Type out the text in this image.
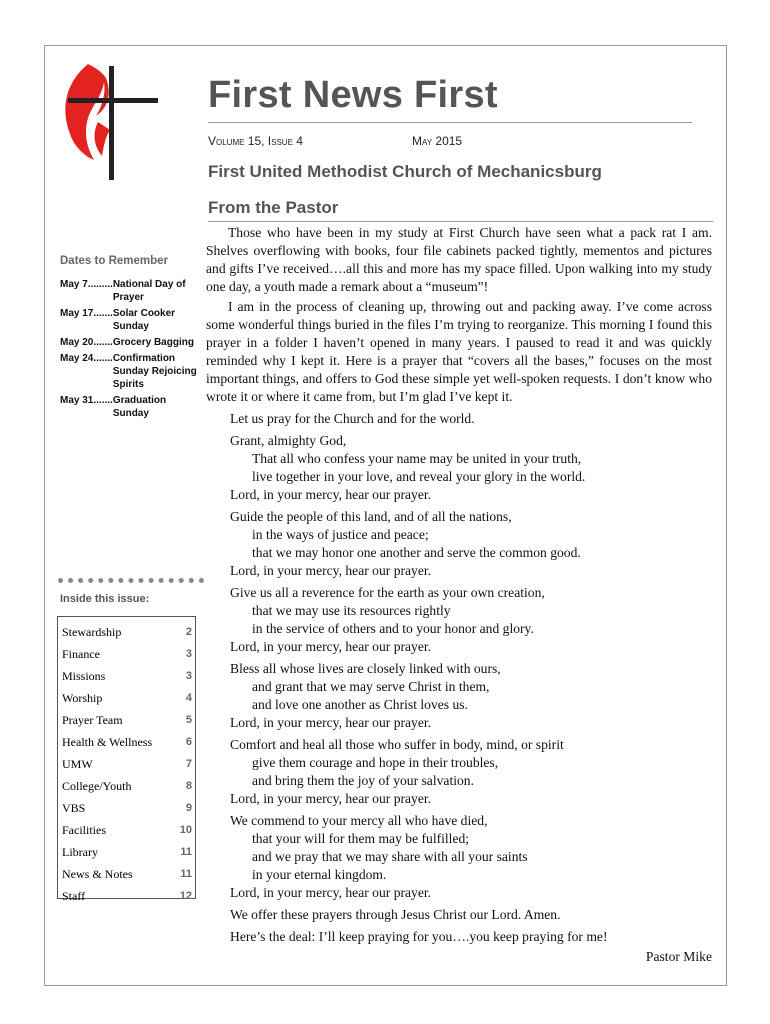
First News First
Volume 15, Issue 4	May 2015
First United Methodist Church of Mechanicsburg
From the Pastor
Dates to Remember
May 7 ......... National Day of Prayer
May 17 ....... Solar Cooker Sunday
May 20 ....... Grocery Bagging
May 24 ....... Confirmation Sunday Rejoicing Spirits
May 31 ....... Graduation Sunday
Inside this issue:
Stewardship	2
Finance	3
Missions	3
Worship	4
Prayer Team	5
Health & Wellness	6
UMW	7
College/Youth	8
VBS	9
Facilities	10
Library	11
News & Notes	11
Staff	12

Those who have been in my study at First Church have seen what a pack rat I am. Shelves overflowing with books, four file cabinets packed tightly, mementos and pictures and gifts I’ve received….all this and more has my space filled. Upon walking into my study one day, a youth made a remark about a “museum”!

I am in the process of cleaning up, throwing out and packing away. I’ve come across some wonderful things buried in the files I’m trying to reorganize. This morning I found this prayer in a folder I haven’t opened in many years. I paused to read it and was quickly reminded why I kept it. Here is a prayer that “covers all the bases,” focuses on the most important things, and offers to God these simple yet well-spoken requests. I don’t know who wrote it or where it came from, but I’m glad I’ve kept it.

Let us pray for the Church and for the world.

Grant, almighty God,

That all who confess your name may be united in your truth,

live together in your love, and reveal your glory in the world.

Lord, in your mercy, hear our prayer.

Guide the people of this land, and of all the nations,

in the ways of justice and peace;

that we may honor one another and serve the common good.

Lord, in your mercy, hear our prayer.

Give us all a reverence for the earth as your own creation,

that we may use its resources rightly

in the service of others and to your honor and glory.

Lord, in your mercy, hear our prayer.

Bless all whose lives are closely linked with ours,

and grant that we may serve Christ in them,

and love one another as Christ loves us.

Lord, in your mercy, hear our prayer.

Comfort and heal all those who suffer in body, mind, or spirit

give them courage and hope in their troubles,

and bring them the joy of your salvation.

Lord, in your mercy, hear our prayer.

We commend to your mercy all who have died,

that your will for them may be fulfilled;

and we pray that we may share with all your saints

in your eternal kingdom.

Lord, in your mercy, hear our prayer.

We offer these prayers through Jesus Christ our Lord. Amen.

Here’s the deal: I’ll keep praying for you….you keep praying for me!

Pastor Mike
